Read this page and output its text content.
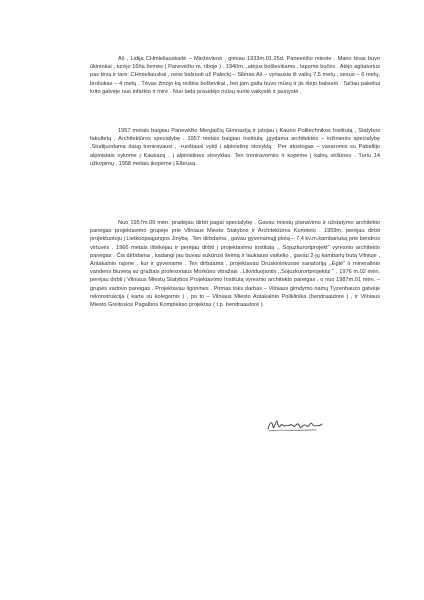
Aš , Lidija CHmieliauskaitė – Miežėvienė , gimiau 1933m.01.25d. Panevėžio mieste . Mano tėvai buvo ūkininkai , turėjo 16ha žemės ( Panevėžio m. riboje ) . 1940m. ,atėjus bolševikams , tapome bučės . Atėjo agitatorius pas tėvą ir tarė: CHmieliauskai , neisi balsuoti už Paleckį – Sibiras.Aš – vyriausia iš vaikų 7,5 metų , sesuo – 6 metų, broliukas – 4 metų . Tėvas žinojo ką reiškia bolševikai , bet jam gaila buvo mūsų ir jis išėjo balsuoti . Tačiau pakeliui krito gatvėje nuo infarkto ir mirė . Nuo tada prasidėjo mūsų sunki vaikystė ir jaunystė .

1957 metais baigiau Panevėžio Mergaičių Gimnaziją ir įstojau į Kauno Politechnikos Institutą , Statybos fakultetą , Architektūros specialybę . 1957 metais baigiau Institutą ,įgydama architektės – inžinierės specialybę .Studijuodama daug treniravausi , -ruošiausi vykti į alpinistinę stovyklą . Per atostogas – vasaromis su Pabaltijo alpinistais vykome į Kaukazą , į alpinistines stovyklas. Ten treniravomės ir kopėme į kalnų viršūnes . Turiu 14 užkopimų . 1958 metais įkopėme į Elbrusą .

Nuo 1957m.09 mėn. pradėjau dirbti pagal specialybę . Gavau miestų planavimo ir užstatymo architekto pareigas projektavimo grupėje prie Vilniaus Miesto Statybos ir Architektūros Komiteto . 1959m. perėjau dirbti projektuotoju į Lietkoopsąjungos Jinybą . Ten dirbdama , gavau gyvenamąjį plotą – 7,4 kv.m.kambariuką prie bendros virtuvės . 1966 metais ištekėjau ir perėjau dirbti į projektavimo institutą ,, Sojuzkurortprojekt" vyresnio architekto pareigas . Čia dirbdama , kadangi jau buvau sukūrusi šeimą ir laukiausi vaikelio , gavau 2-jų kambarių butą Vilniuje , Antakalnio rajone , kur ir gyvename . Ten dirbdama , projektavau Druskininkuose sanatoriją ,,Eglė" ir mineralinio vandens biuvetą su gražiais profesoriaus Morkūno vitražais . Likviduojantis ,,Sojuzkurortprojektui " , 1976 m.02 mėn. perėjau dirbti į Vilniaus Miestų Statybos Projektavimo Institutą vyresnio architekto pareigas , o nuo 1987m.01 mėn. – grupės vadovo pareigas . Projektavau ligonines . Pirmas toks darbas – Vilniaus gimdymo namų Tyzenhauzo gatvėje rekonstrukcija ( kartu su kolegomis ) , po to – Vilniaus Miesto Antakalnio Poliklinika (bendraautorė ) , ir Vilniaus Miesto Greitosios Pagalbos Komplekso projektas ( t.p. bendraautorė ).
